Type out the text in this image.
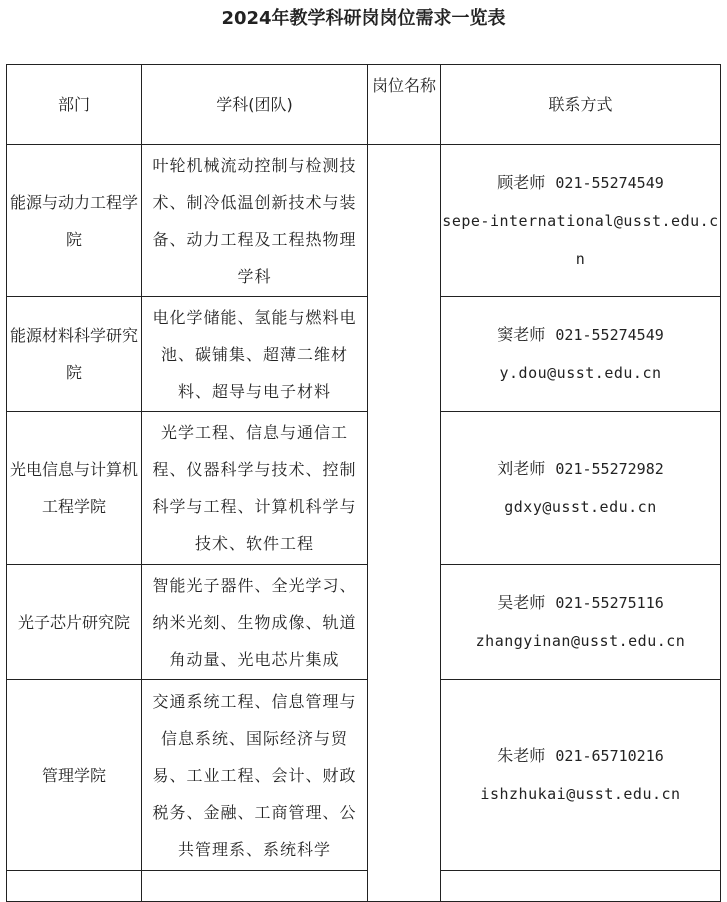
2024年教学科研岗岗位需求一览表
部门	学科(团队)	岗位名称	联系方式
能源与动力工程学院	叶轮机械流动控制与检测技术、制冷低温创新技术与装备、动力工程及工程热物理学科		顾老师 021-55274549
sepe-international@usst.edu.cn

能源材料科学研究院	电化学储能、氢能与燃料电池、碳铺集、超薄二维材料、超导与电子材料		窦老师 021-55274549
y.dou@usst.edu.cn

光电信息与计算机工程学院	光学工程、信息与通信工程、仪器科学与技术、控制科学与工程、计算机科学与技术、软件工程		刘老师 021-55272982
gdxy@usst.edu.cn

光子芯片研究院	智能光子器件、全光学习、纳米光刻、生物成像、轨道角动量、光电芯片集成		吴老师 021-55275116
zhangyinan@usst.edu.cn

管理学院	交通系统工程、信息管理与信息系统、国际经济与贸易、工业工程、会计、财政税务、金融、工商管理、公共管理系、系统科学		朱老师 021-65710216
ishzhukai@usst.edu.cn
